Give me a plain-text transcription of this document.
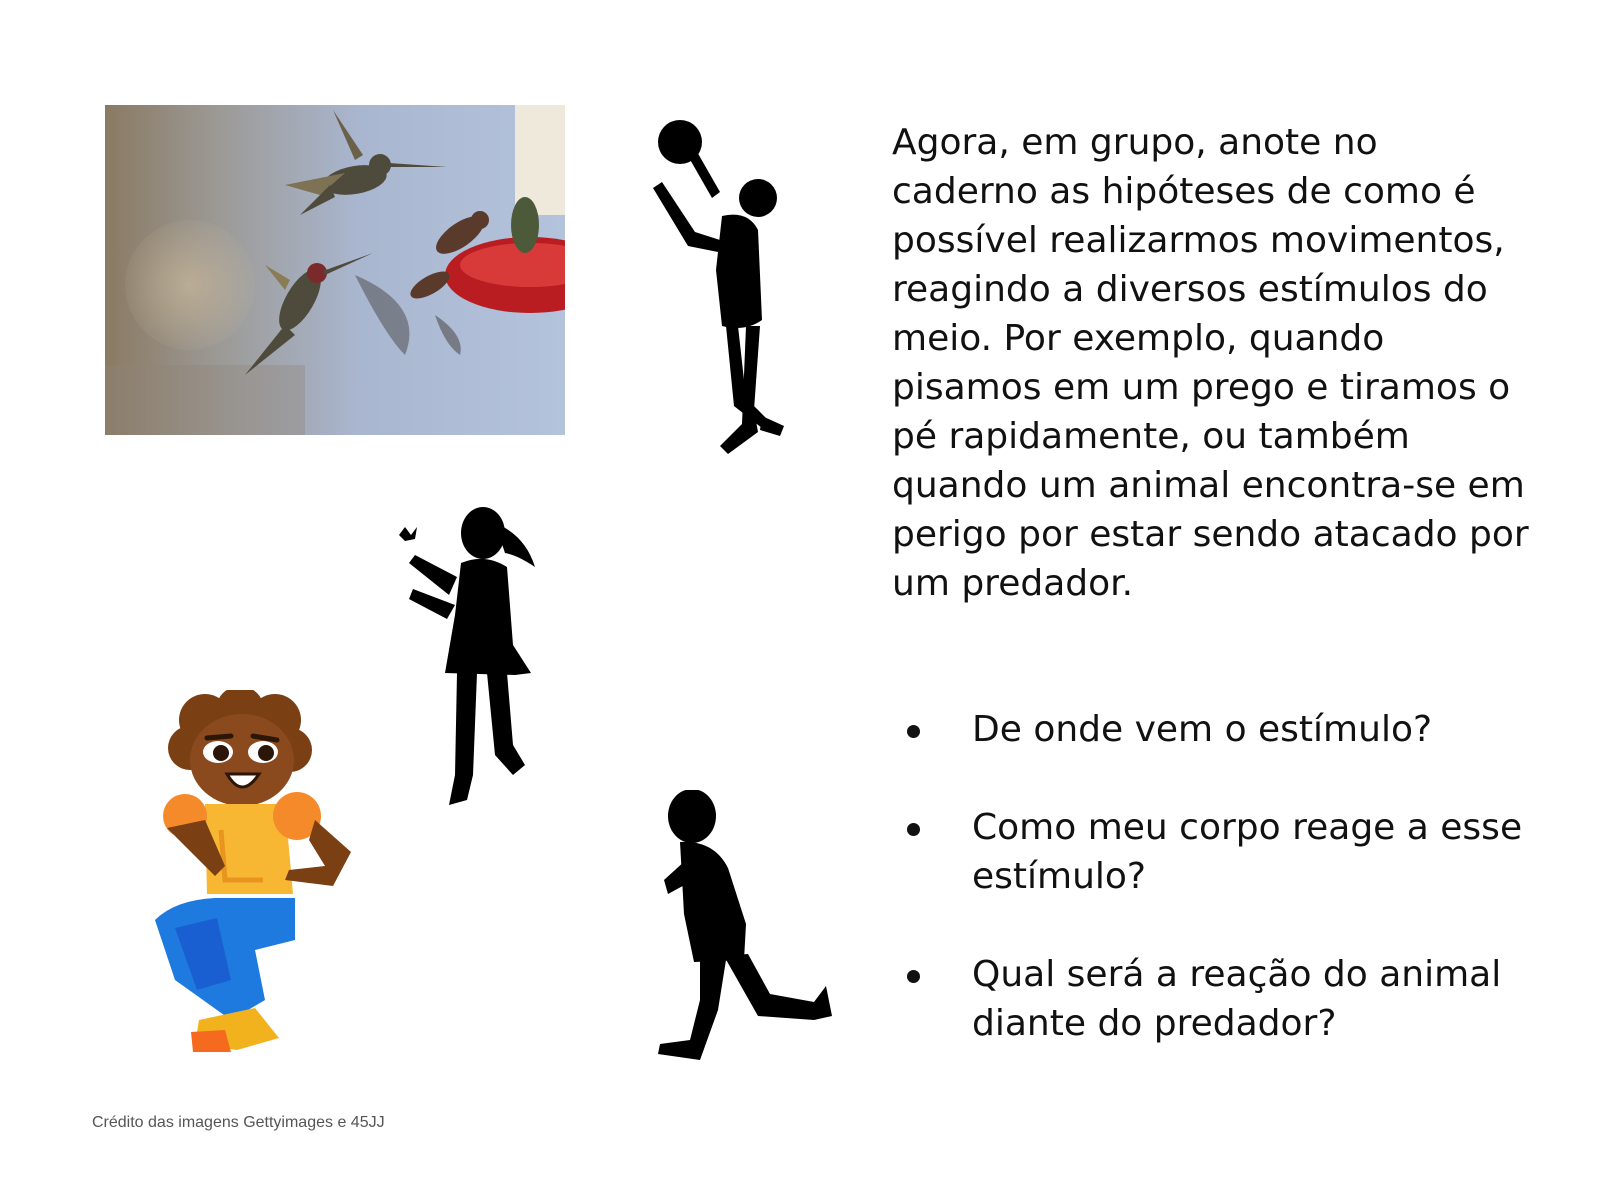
Agora, em grupo, anote no caderno as hipóteses de como é possível realizarmos movimentos, reagindo a diversos estímulos do meio. Por exemplo, quando pisamos em um prego e tiramos o pé rapidamente, ou também quando um animal encontra-se em perigo por estar sendo atacado por um predador.

De onde vem o estímulo?
Como meu corpo reage a esse estímulo?
Qual será a reação do animal diante do predador?
Crédito das imagens Gettyimages e 45JJ
